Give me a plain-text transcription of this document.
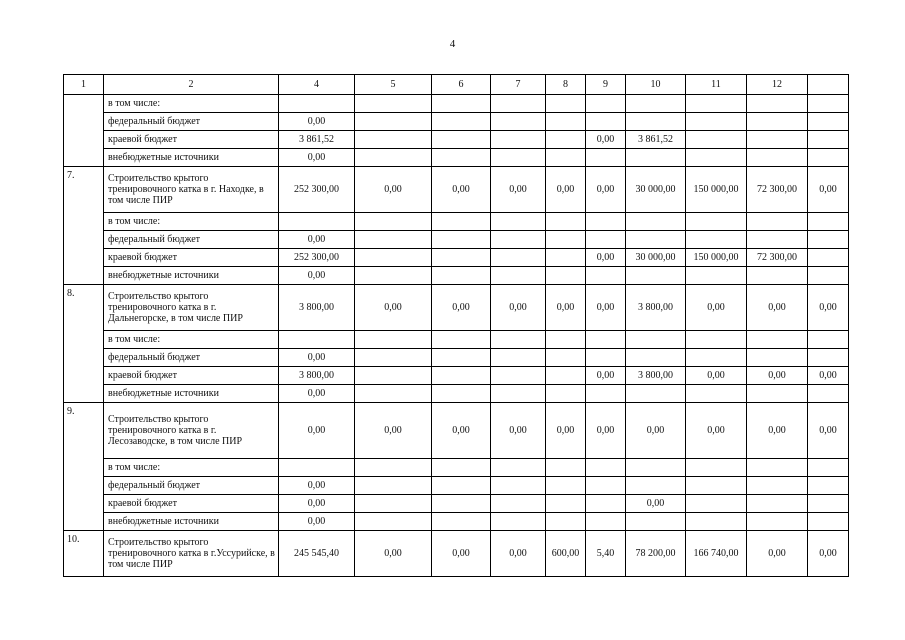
4
1	2	4	5	6	7	8	9	10	11	12	
	в том числе:										
	федеральный бюджет	0,00									
	краевой бюджет	3 861,52					0,00	3 861,52			
	внебюджетные источники	0,00									
7.	Строительство крытого тренировочного катка в г. Находке, в том числе ПИР	252 300,00	0,00	0,00	0,00	0,00	0,00	30 000,00	150 000,00	72 300,00	0,00
	в том числе:										
	федеральный бюджет	0,00									
	краевой бюджет	252 300,00					0,00	30 000,00	150 000,00	72 300,00	
	внебюджетные источники	0,00									
8.	Строительство крытого тренировочного катка в г. Дальнегорске, в том числе ПИР	3 800,00	0,00	0,00	0,00	0,00	0,00	3 800,00	0,00	0,00	0,00
	в том числе:										
	федеральный бюджет	0,00									
	краевой бюджет	3 800,00					0,00	3 800,00	0,00	0,00	0,00
	внебюджетные источники	0,00									
9.	Строительство крытого тренировочного катка в г. Лесозаводске, в том числе ПИР	0,00	0,00	0,00	0,00	0,00	0,00	0,00	0,00	0,00	0,00
	в том числе:										
	федеральный бюджет	0,00									
	краевой бюджет	0,00						0,00			
	внебюджетные источники	0,00									
10.	Строительство крытого тренировочного катка в г.Уссурийске, в том числе ПИР	245 545,40	0,00	0,00	0,00	600,00	5,40	78 200,00	166 740,00	0,00	0,00
